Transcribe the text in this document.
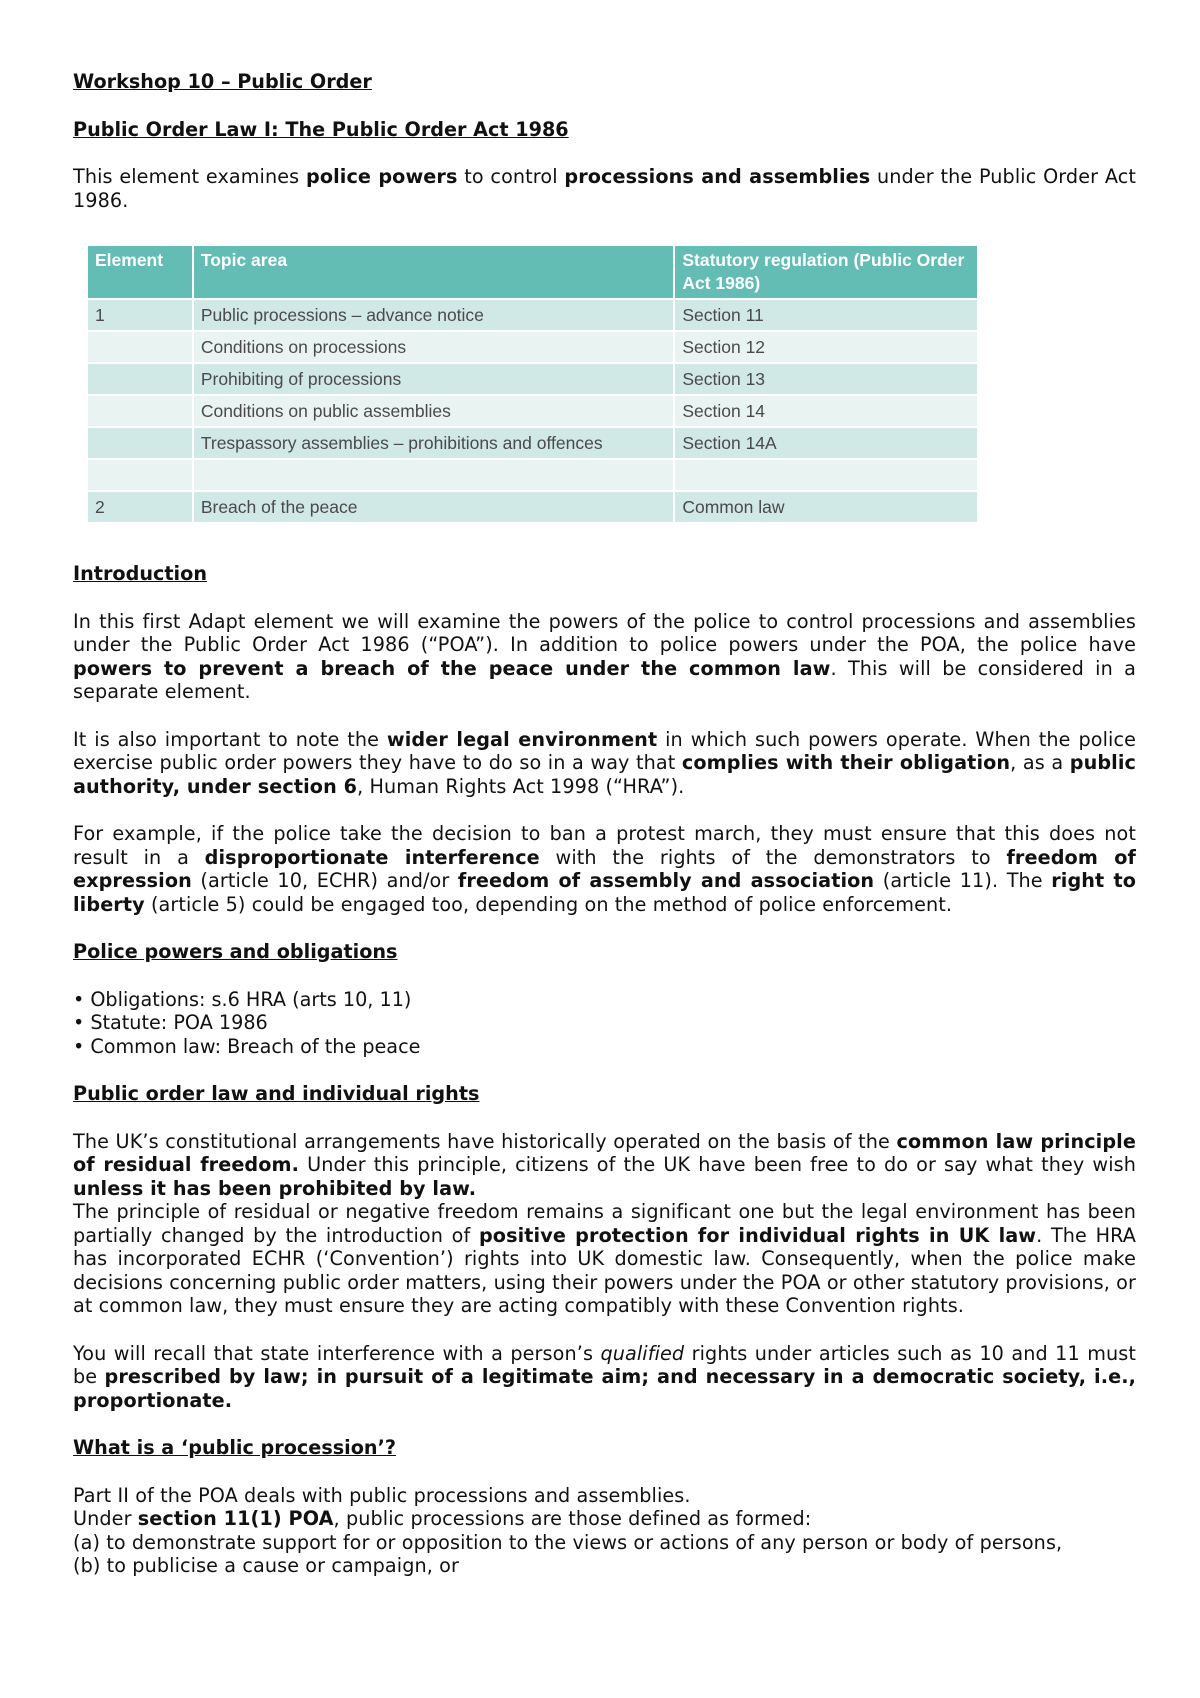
Workshop 10 – Public Order

Public Order Law I: The Public Order Act 1986

This element examines police powers to control processions and assemblies under the Public Order Act 1986.

Element	Topic area	Statutory regulation (Public Order Act 1986)
1	Public processions – advance notice	Section 11
	Conditions on processions	Section 12
	Prohibiting of processions	Section 13
	Conditions on public assemblies	Section 14
	Trespassory assemblies – prohibitions and offences	Section 14A

2	Breach of the peace	Common law

Introduction

In this first Adapt element we will examine the powers of the police to control processions and assemblies under the Public Order Act 1986 (“POA”). In addition to police powers under the POA, the police have powers to prevent a breach of the peace under the common law. This will be considered in a separate element.

It is also important to note the wider legal environment in which such powers operate. When the police exercise public order powers they have to do so in a way that complies with their obligation, as a public authority, under section 6, Human Rights Act 1998 (“HRA”).

For example, if the police take the decision to ban a protest march, they must ensure that this does not result in a disproportionate interference with the rights of the demonstrators to freedom of expression (article 10, ECHR) and/or freedom of assembly and association (article 11). The right to liberty (article 5) could be engaged too, depending on the method of police enforcement.

Police powers and obligations

• Obligations: s.6 HRA (arts 10, 11)
• Statute: POA 1986
• Common law: Breach of the peace

Public order law and individual rights

The UK’s constitutional arrangements have historically operated on the basis of the common law principle of residual freedom. Under this principle, citizens of the UK have been free to do or say what they wish unless it has been prohibited by law.

The principle of residual or negative freedom remains a significant one but the legal environment has been partially changed by the introduction of positive protection for individual rights in UK law. The HRA has incorporated ECHR (‘Convention’) rights into UK domestic law. Consequently, when the police make decisions concerning public order matters, using their powers under the POA or other statutory provisions, or at common law, they must ensure they are acting compatibly with these Convention rights.

You will recall that state interference with a person’s qualified rights under articles such as 10 and 11 must be prescribed by law; in pursuit of a legitimate aim; and necessary in a democratic society, i.e., proportionate.

What is a ‘public procession’?

Part II of the POA deals with public processions and assemblies.

Under section 11(1) POA, public processions are those defined as formed:

(a) to demonstrate support for or opposition to the views or actions of any person or body of persons,

(b) to publicise a cause or campaign, or
